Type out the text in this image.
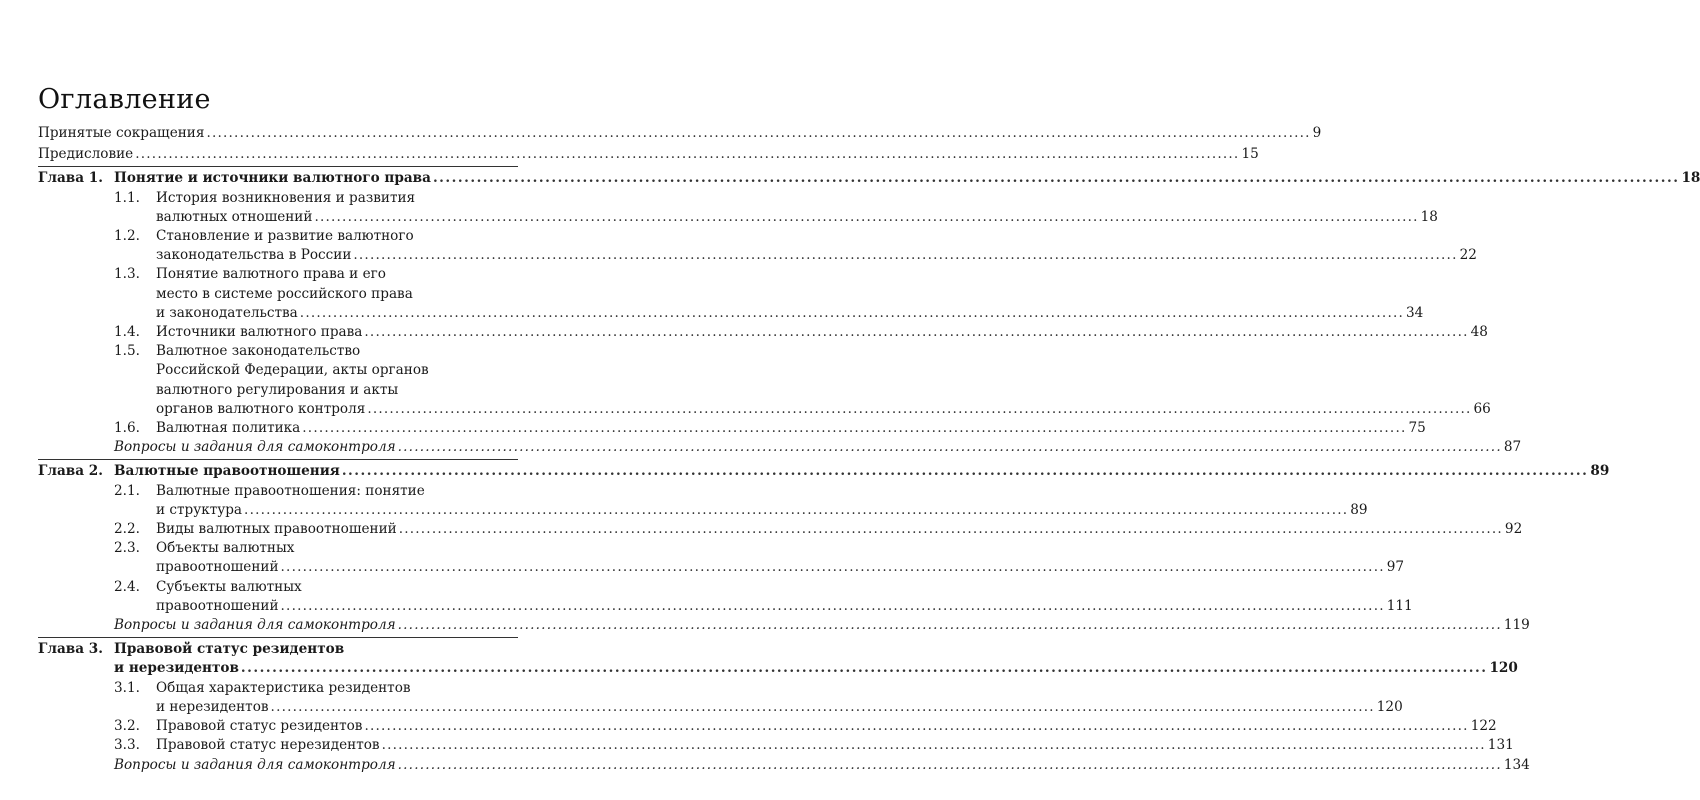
Оглавление
Принятые сокращения ........................................................................................................................................................................................................ 9
Предисловие ........................................................................................................................................................................................................ 15
Глава 1. Понятие и источники валютного права ........................................................................................................................................................................................................ 18
1.1.	История возникновения и развития
валютных отношений ........................................................................................................................................................................................................ 18
1.2.	Становление и развитие валютного
законодательства в России ........................................................................................................................................................................................................ 22
1.3.	Понятие валютного права и его
место в системе российского права
и законодательства ........................................................................................................................................................................................................ 34
1.4.	Источники валютного права ........................................................................................................................................................................................................ 48
1.5.	Валютное законодательство
Российской Федерации, акты органов
валютного регулирования и акты
органов валютного контроля ........................................................................................................................................................................................................ 66
1.6.	Валютная политика ........................................................................................................................................................................................................ 75
Вопросы и задания для самоконтроля ........................................................................................................................................................................................................ 87
Глава 2. Валютные правоотношения ........................................................................................................................................................................................................ 89
2.1.	Валютные правоотношения: понятие
и структура ........................................................................................................................................................................................................ 89
2.2.	Виды валютных правоотношений ........................................................................................................................................................................................................ 92
2.3.	Объекты валютных
правоотношений ........................................................................................................................................................................................................ 97
2.4.	Субъекты валютных
правоотношений ........................................................................................................................................................................................................ 111
Вопросы и задания для самоконтроля ........................................................................................................................................................................................................ 119
Глава 3. Правовой статус резидентов
и нерезидентов ........................................................................................................................................................................................................ 120
3.1.	Общая характеристика резидентов
и нерезидентов ........................................................................................................................................................................................................ 120
3.2.	Правовой статус резидентов ........................................................................................................................................................................................................ 122
3.3.	Правовой статус нерезидентов ........................................................................................................................................................................................................ 131
Вопросы и задания для самоконтроля ........................................................................................................................................................................................................ 134
